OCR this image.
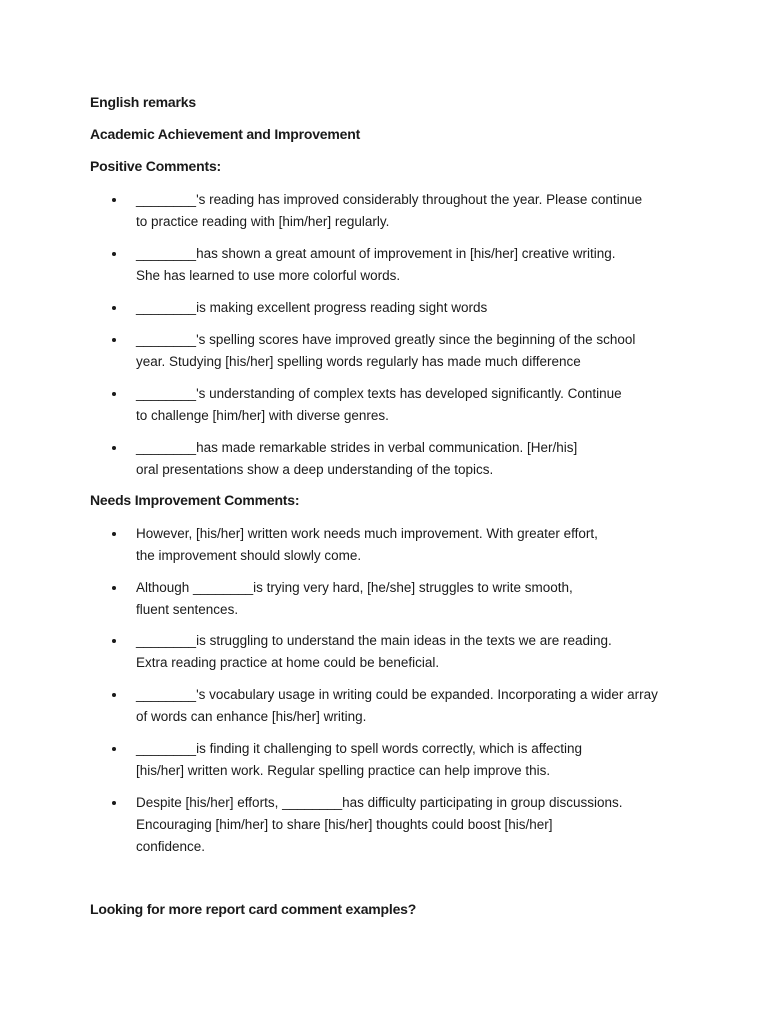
English remarks
Academic Achievement and Improvement
Positive Comments:
________'s reading has improved considerably throughout the year. Please continue
to practice reading with [him/her] regularly.
________has shown a great amount of improvement in [his/her] creative writing.
She has learned to use more colorful words.
________is making excellent progress reading sight words
________'s spelling scores have improved greatly since the beginning of the school
year. Studying [his/her] spelling words regularly has made much difference
________'s understanding of complex texts has developed significantly. Continue
to challenge [him/her] with diverse genres.
________has made remarkable strides in verbal communication. [Her/his]
oral presentations show a deep understanding of the topics.
Needs Improvement Comments:
However, [his/her] written work needs much improvement. With greater effort,
the improvement should slowly come.
Although ________is trying very hard, [he/she] struggles to write smooth,
fluent sentences.
________is struggling to understand the main ideas in the texts we are reading.
Extra reading practice at home could be beneficial.
________'s vocabulary usage in writing could be expanded. Incorporating a wider array
of words can enhance [his/her] writing.
________is finding it challenging to spell words correctly, which is affecting
[his/her] written work. Regular spelling practice can help improve this.
Despite [his/her] efforts, ________has difficulty participating in group discussions.
Encouraging [him/her] to share [his/her] thoughts could boost [his/her]
confidence.

Looking for more report card comment examples?
